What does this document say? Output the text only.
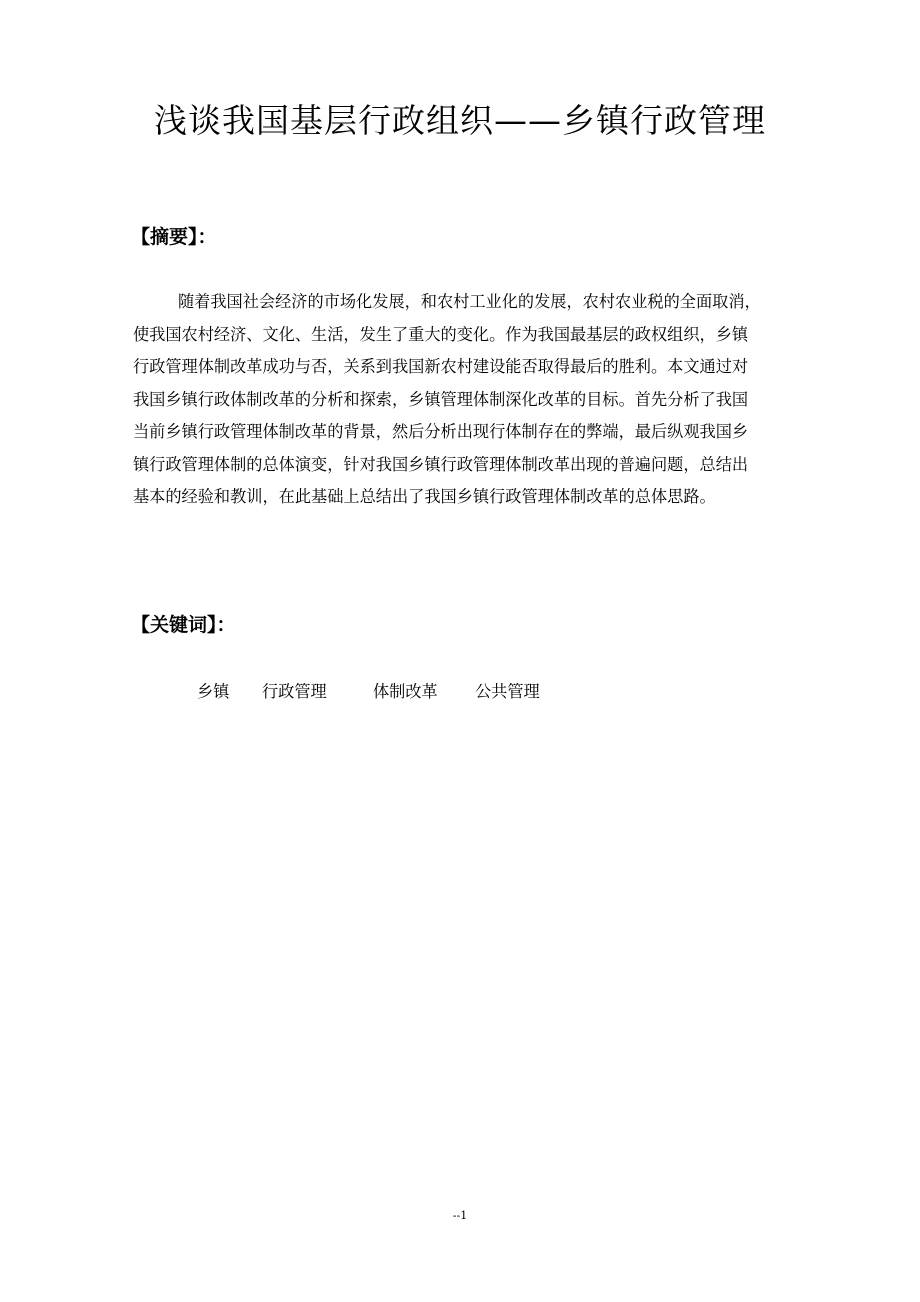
浅谈我国基层行政组织——乡镇行政管理
【摘要】：
随着我国社会经济的市场化发展，和农村工业化的发展，农村农业税的全面取消，
使我国农村经济、文化、生活，发生了重大的变化。作为我国最基层的政权组织，乡镇
行政管理体制改革成功与否，关系到我国新农村建设能否取得最后的胜利。本文通过对
我国乡镇行政体制改革的分析和探索，乡镇管理体制深化改革的目标。首先分析了我国
当前乡镇行政管理体制改革的背景，然后分析出现行体制存在的弊端，最后纵观我国乡
镇行政管理体制的总体演变，针对我国乡镇行政管理体制改革出现的普遍问题，总结出
基本的经验和教训，在此基础上总结出了我国乡镇行政管理体制改革的总体思路。
【关键词】：
乡镇 行政管理	体制改革 公共管理
--1
